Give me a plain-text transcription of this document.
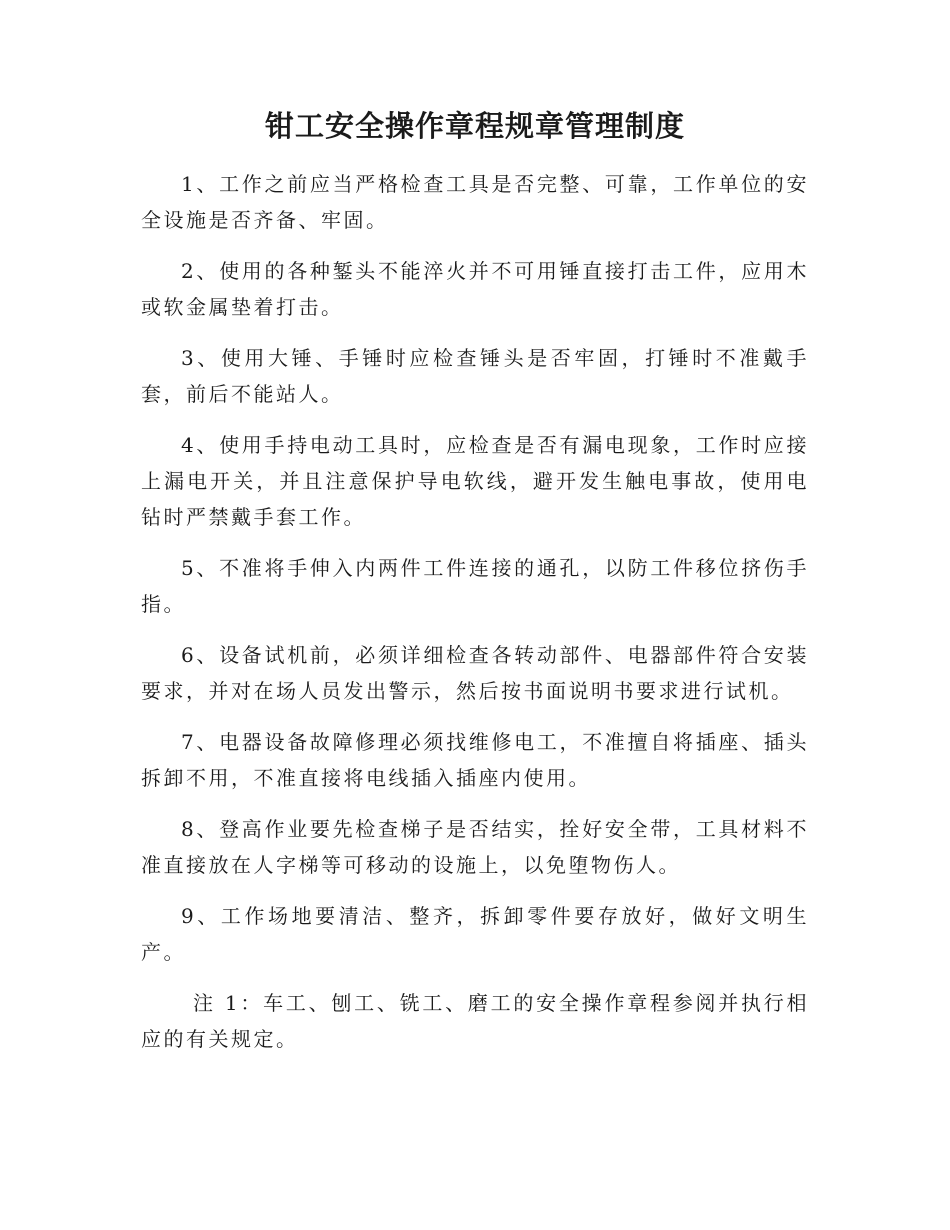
钳工安全操作章程规章管理制度

1、工作之前应当严格检查工具是否完整、可靠，工作单位的安全设施是否齐备、牢固。

2、使用的各种錾头不能淬火并不可用锤直接打击工件，应用木或软金属垫着打击。

3、使用大锤、手锤时应检查锤头是否牢固，打锤时不准戴手套，前后不能站人。

4、使用手持电动工具时，应检查是否有漏电现象，工作时应接上漏电开关，并且注意保护导电软线，避开发生触电事故，使用电钻时严禁戴手套工作。

5、不准将手伸入内两件工件连接的通孔，以防工件移位挤伤手指。

6、设备试机前，必须详细检查各转动部件、电器部件符合安装要求，并对在场人员发出警示，然后按书面说明书要求进行试机。

7、电器设备故障修理必须找维修电工，不准擅自将插座、插头拆卸不用，不准直接将电线插入插座内使用。

8、登高作业要先检查梯子是否结实，拴好安全带，工具材料不准直接放在人字梯等可移动的设施上，以免堕物伤人。

9、工作场地要清洁、整齐，拆卸零件要存放好，做好文明生产。

注 1：车工、刨工、铣工、磨工的安全操作章程参阅并执行相应的有关规定。
